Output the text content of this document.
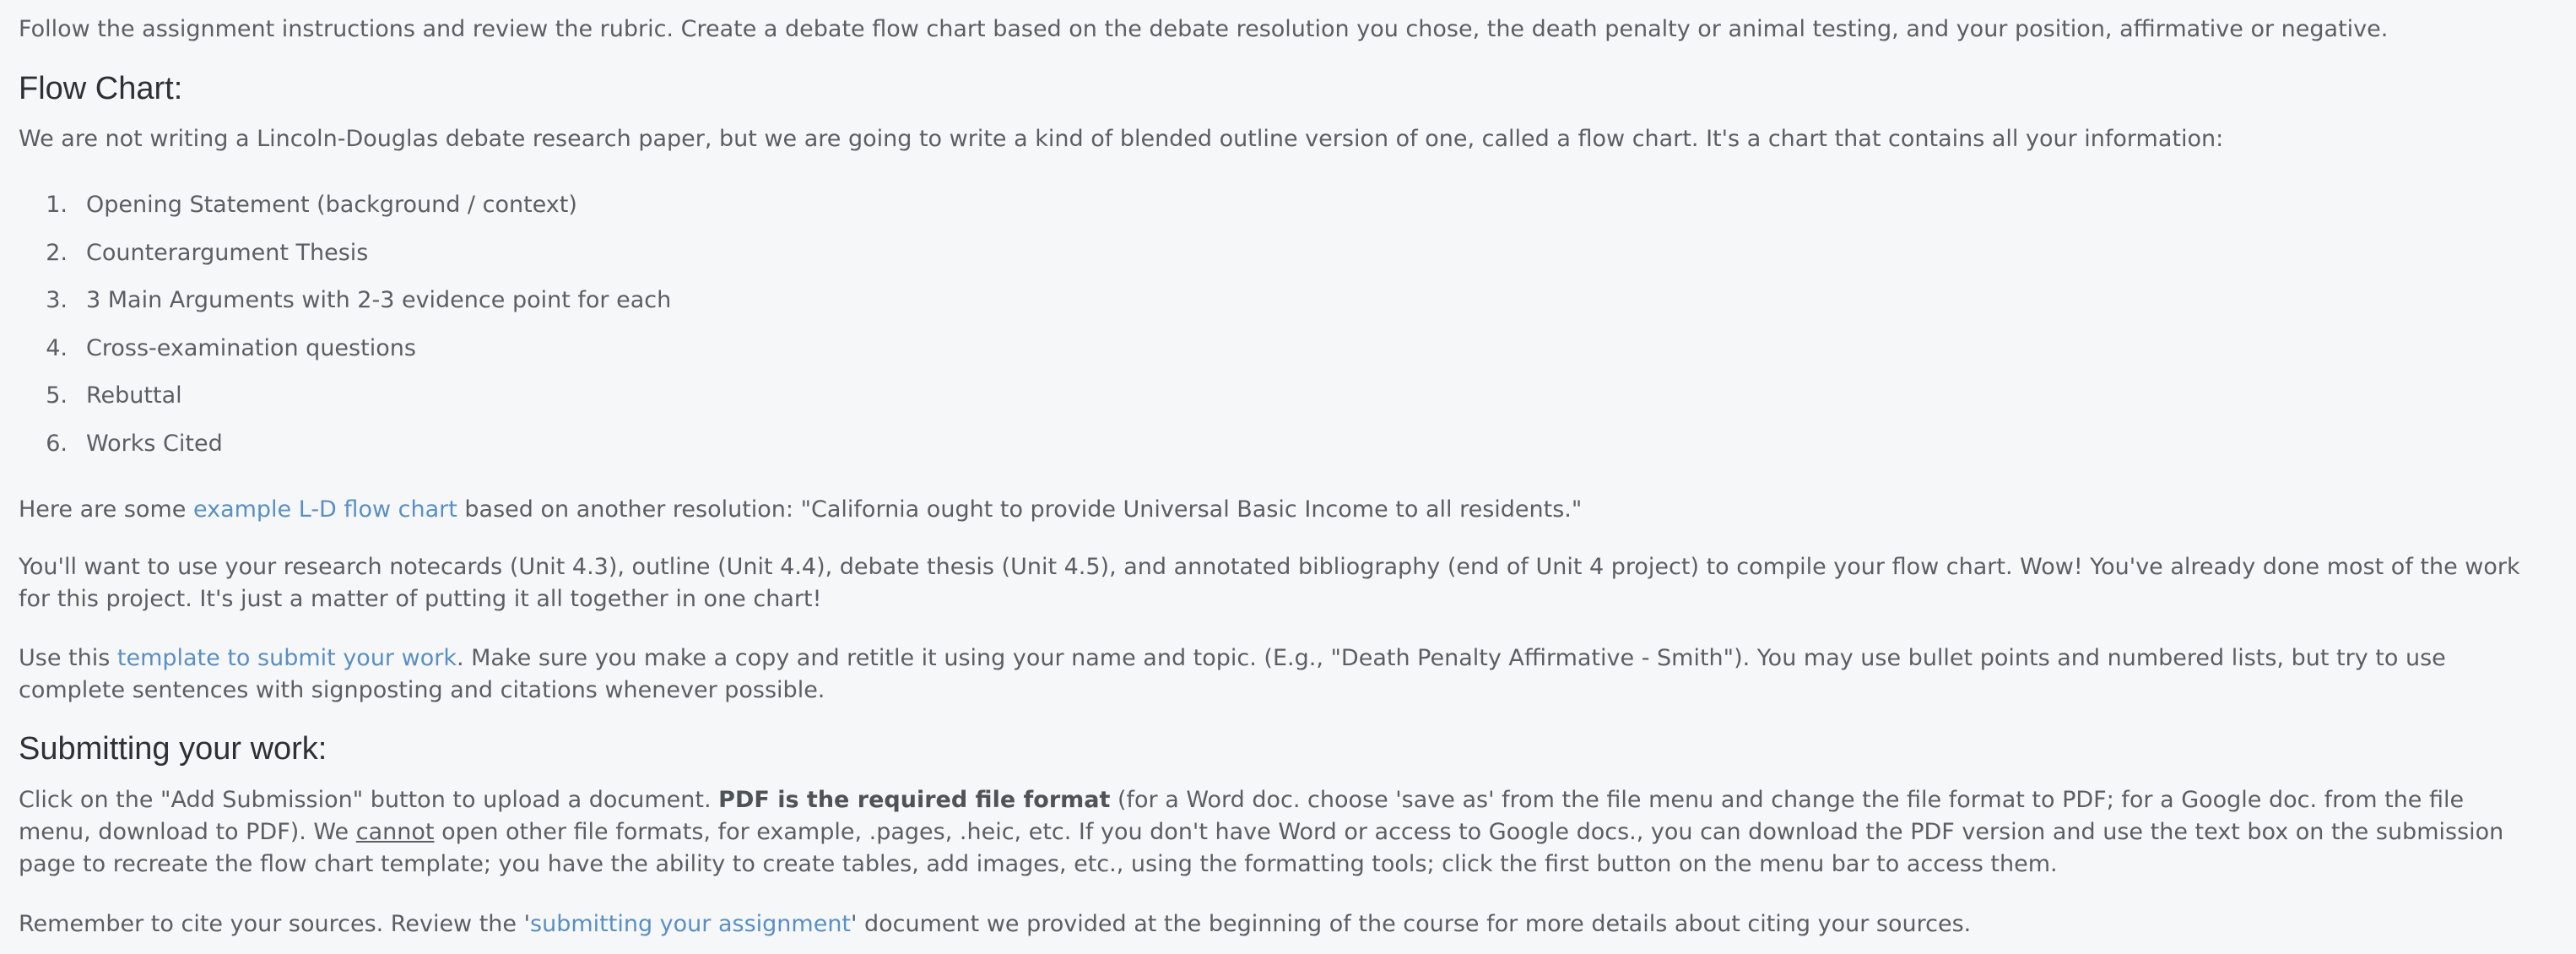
Follow the assignment instructions and review the rubric. Create a debate flow chart based on the debate resolution you chose, the death penalty or animal testing, and your position, affirmative or negative.

Flow Chart:

We are not writing a Lincoln-Douglas debate research paper, but we are going to write a kind of blended outline version of one, called a flow chart. It's a chart that contains all your information:

1. Opening Statement (background / context)
2. Counterargument Thesis
3. 3 Main Arguments with 2-3 evidence point for each
4. Cross-examination questions
5. Rebuttal
6. Works Cited

Here are some example L-D flow chart based on another resolution: "California ought to provide Universal Basic Income to all residents."

You'll want to use your research notecards (Unit 4.3), outline (Unit 4.4), debate thesis (Unit 4.5), and annotated bibliography (end of Unit 4 project) to compile your flow chart. Wow! You've already done most of the work for this project. It's just a matter of putting it all together in one chart!

Use this template to submit your work. Make sure you make a copy and retitle it using your name and topic. (E.g., "Death Penalty Affirmative - Smith"). You may use bullet points and numbered lists, but try to use complete sentences with signposting and citations whenever possible.

Submitting your work:

Click on the "Add Submission" button to upload a document. PDF is the required file format (for a Word doc. choose 'save as' from the file menu and change the file format to PDF; for a Google doc. from the file menu, download to PDF). We cannot open other file formats, for example, .pages, .heic, etc. If you don't have Word or access to Google docs., you can download the PDF version and use the text box on the submission page to recreate the flow chart template; you have the ability to create tables, add images, etc., using the formatting tools; click the first button on the menu bar to access them.

Remember to cite your sources. Review the 'submitting your assignment' document we provided at the beginning of the course for more details about citing your sources.
